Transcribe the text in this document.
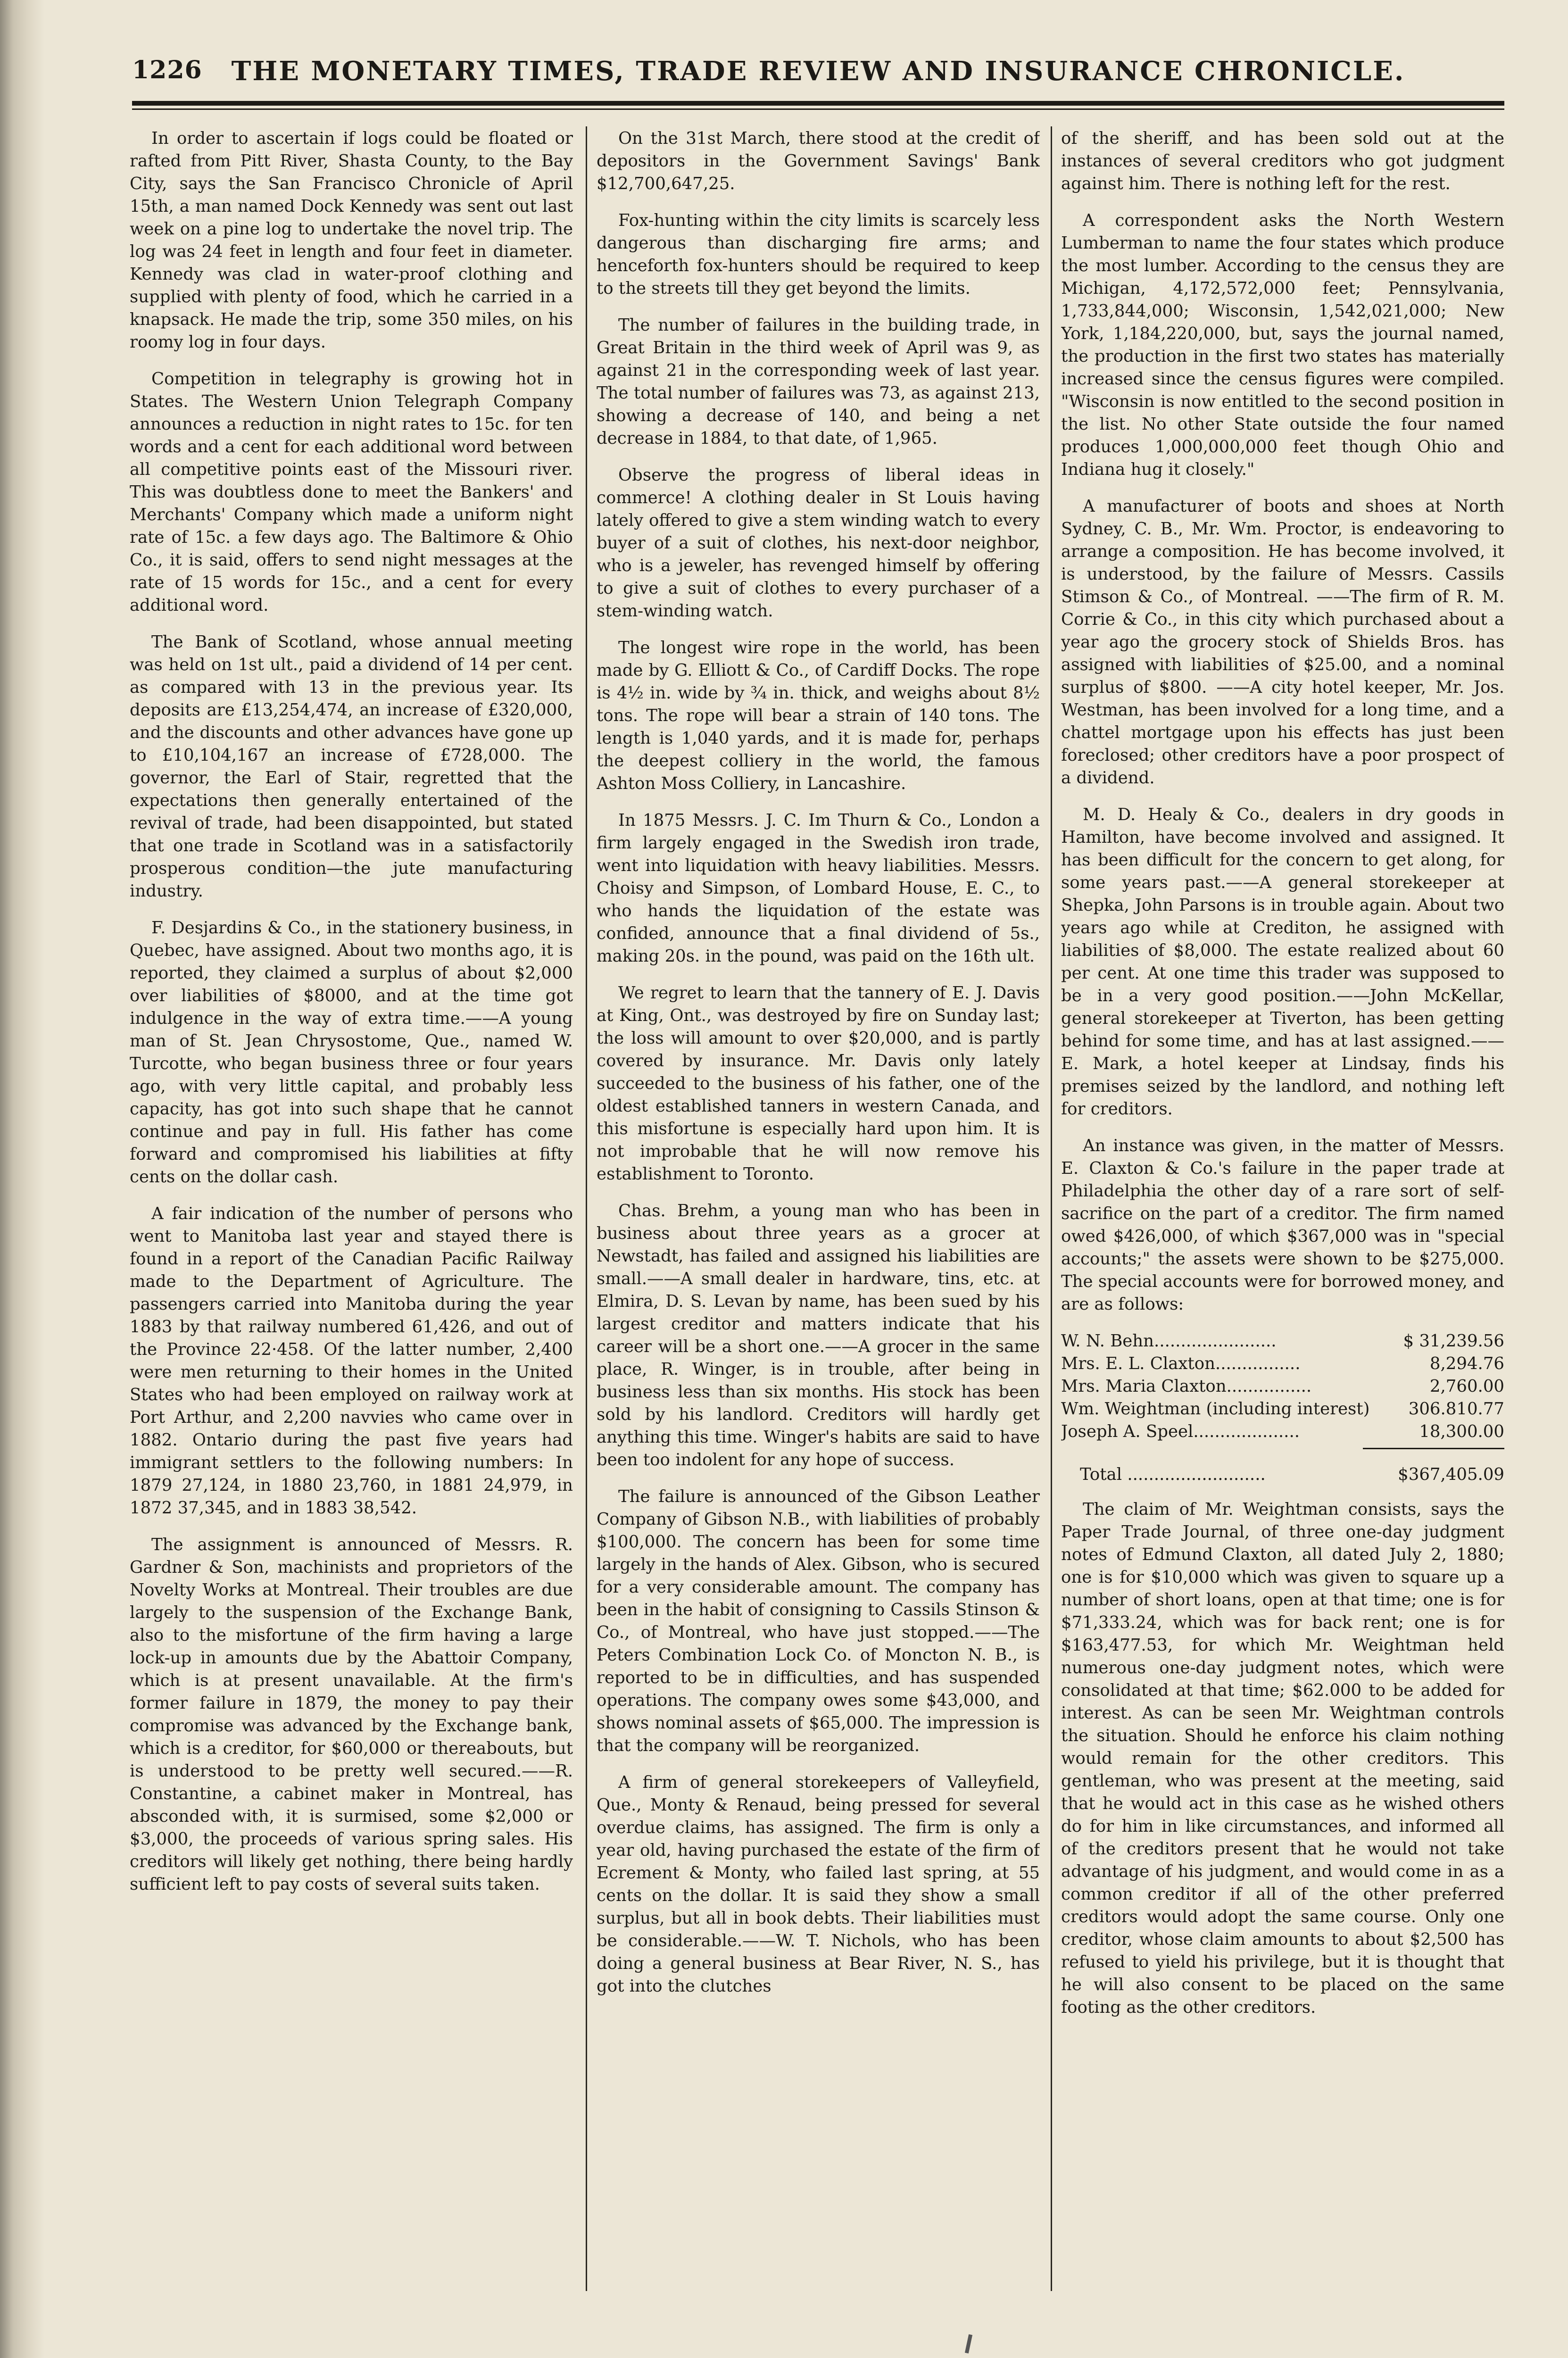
1226	THE MONETARY TIMES, TRADE REVIEW AND INSURANCE CHRONICLE.

In order to ascertain if logs could be floated or rafted from Pitt River, Shasta County, to the Bay City, says the San Francisco Chronicle of April 15th, a man named Dock Kennedy was sent out last week on a pine log to undertake the novel trip. The log was 24 feet in length and four feet in diameter. Kennedy was clad in water-proof clothing and supplied with plenty of food, which he carried in a knapsack. He made the trip, some 350 miles, on his roomy log in four days.

Competition in telegraphy is growing hot in States. The Western Union Telegraph Company announces a reduction in night rates to 15c. for ten words and a cent for each additional word between all competitive points east of the Missouri river. This was doubtless done to meet the Bankers' and Merchants' Company which made a uniform night rate of 15c. a few days ago. The Baltimore & Ohio Co., it is said, offers to send night messages at the rate of 15 words for 15c., and a cent for every additional word.

The Bank of Scotland, whose annual meeting was held on 1st ult., paid a dividend of 14 per cent. as compared with 13 in the previous year. Its deposits are £13,254,474, an increase of £320,000, and the discounts and other advances have gone up to £10,104,167 an increase of £728,000. The governor, the Earl of Stair, regretted that the expectations then generally entertained of the revival of trade, had been disappointed, but stated that one trade in Scotland was in a satisfactorily prosperous condition—the jute manufacturing industry.

F. Desjardins & Co., in the stationery business, in Quebec, have assigned. About two months ago, it is reported, they claimed a surplus of about $2,000 over liabilities of $8000, and at the time got indulgence in the way of extra time.——A young man of St. Jean Chrysostome, Que., named W. Turcotte, who began business three or four years ago, with very little capital, and probably less capacity, has got into such shape that he cannot continue and pay in full. His father has come forward and compromised his liabilities at fifty cents on the dollar cash.

A fair indication of the number of persons who went to Manitoba last year and stayed there is found in a report of the Canadian Pacific Railway made to the Department of Agriculture. The passengers carried into Manitoba during the year 1883 by that railway numbered 61,426, and out of the Province 22·458. Of the latter number, 2,400 were men returning to their homes in the United States who had been employed on railway work at Port Arthur, and 2,200 navvies who came over in 1882. Ontario during the past five years had immigrant settlers to the following numbers: In 1879 27,124, in 1880 23,760, in 1881 24,979, in 1872 37,345, and in 1883 38,542.

The assignment is announced of Messrs. R. Gardner & Son, machinists and proprietors of the Novelty Works at Montreal. Their troubles are due largely to the suspension of the Exchange Bank, also to the misfortune of the firm having a large lock-up in amounts due by the Abattoir Company, which is at present unavailable. At the firm's former failure in 1879, the money to pay their compromise was advanced by the Exchange bank, which is a creditor, for $60,000 or thereabouts, but is understood to be pretty well secured.——R. Constantine, a cabinet maker in Montreal, has absconded with, it is surmised, some $2,000 or $3,000, the proceeds of various spring sales. His creditors will likely get nothing, there being hardly sufficient left to pay costs of several suits taken.

On the 31st March, there stood at the credit of depositors in the Government Savings' Bank $12,700,647,25.

Fox-hunting within the city limits is scarcely less dangerous than discharging fire arms; and henceforth fox-hunters should be required to keep to the streets till they get beyond the limits.

The number of failures in the building trade, in Great Britain in the third week of April was 9, as against 21 in the corresponding week of last year. The total number of failures was 73, as against 213, showing a decrease of 140, and being a net decrease in 1884, to that date, of 1,965.

Observe the progress of liberal ideas in commerce! A clothing dealer in St Louis having lately offered to give a stem winding watch to every buyer of a suit of clothes, his next-door neighbor, who is a jeweler, has revenged himself by offering to give a suit of clothes to every purchaser of a stem-winding watch.

The longest wire rope in the world, has been made by G. Elliott & Co., of Cardiff Docks. The rope is 4½ in. wide by ¾ in. thick, and weighs about 8½ tons. The rope will bear a strain of 140 tons. The length is 1,040 yards, and it is made for, perhaps the deepest colliery in the world, the famous Ashton Moss Colliery, in Lancashire.

In 1875 Messrs. J. C. Im Thurn & Co., London a firm largely engaged in the Swedish iron trade, went into liquidation with heavy liabilities. Messrs. Choisy and Simpson, of Lombard House, E. C., to who hands the liquidation of the estate was confided, announce that a final dividend of 5s., making 20s. in the pound, was paid on the 16th ult.

We regret to learn that the tannery of E. J. Davis at King, Ont., was destroyed by fire on Sunday last; the loss will amount to over $20,000, and is partly covered by insurance. Mr. Davis only lately succeeded to the business of his father, one of the oldest established tanners in western Canada, and this misfortune is especially hard upon him. It is not improbable that he will now remove his establishment to Toronto.

Chas. Brehm, a young man who has been in business about three years as a grocer at Newstadt, has failed and assigned his liabilities are small.——A small dealer in hardware, tins, etc. at Elmira, D. S. Levan by name, has been sued by his largest creditor and matters indicate that his career will be a short one.——A grocer in the same place, R. Winger, is in trouble, after being in business less than six months. His stock has been sold by his landlord. Creditors will hardly get anything this time. Winger's habits are said to have been too indolent for any hope of success.

The failure is announced of the Gibson Leather Company of Gibson N.B., with liabilities of probably $100,000. The concern has been for some time largely in the hands of Alex. Gibson, who is secured for a very considerable amount. The company has been in the habit of consigning to Cassils Stinson & Co., of Montreal, who have just stopped.——The Peters Combination Lock Co. of Moncton N. B., is reported to be in difficulties, and has suspended operations. The company owes some $43,000, and shows nominal assets of $65,000. The impression is that the company will be reorganized.

A firm of general storekeepers of Valleyfield, Que., Monty & Renaud, being pressed for several overdue claims, has assigned. The firm is only a year old, having purchased the estate of the firm of Ecrement & Monty, who failed last spring, at 55 cents on the dollar. It is said they show a small surplus, but all in book debts. Their liabilities must be considerable.——W. T. Nichols, who has been doing a general business at Bear River, N. S., has got into the clutches

of the sheriff, and has been sold out at the instances of several creditors who got judgment against him. There is nothing left for the rest.

A correspondent asks the North Western Lumberman to name the four states which produce the most lumber. According to the census they are Michigan, 4,172,572,000 feet; Pennsylvania, 1,733,844,000; Wisconsin, 1,542,021,000; New York, 1,184,220,000, but, says the journal named, the production in the first two states has materially increased since the census figures were compiled. "Wisconsin is now entitled to the second position in the list. No other State outside the four named produces 1,000,000,000 feet though Ohio and Indiana hug it closely."

A manufacturer of boots and shoes at North Sydney, C. B., Mr. Wm. Proctor, is endeavoring to arrange a composition. He has become involved, it is understood, by the failure of Messrs. Cassils Stimson & Co., of Montreal. ——The firm of R. M. Corrie & Co., in this city which purchased about a year ago the grocery stock of Shields Bros. has assigned with liabilities of $25.00, and a nominal surplus of $800. ——A city hotel keeper, Mr. Jos. Westman, has been involved for a long time, and a chattel mortgage upon his effects has just been foreclosed; other creditors have a poor prospect of a dividend.

M. D. Healy & Co., dealers in dry goods in Hamilton, have become involved and assigned. It has been difficult for the concern to get along, for some years past.——A general storekeeper at Shepka, John Parsons is in trouble again. About two years ago while at Crediton, he assigned with liabilities of $8,000. The estate realized about 60 per cent. At one time this trader was supposed to be in a very good position.——John McKellar, general storekeeper at Tiverton, has been getting behind for some time, and has at last assigned.——E. Mark, a hotel keeper at Lindsay, finds his premises seized by the landlord, and nothing left for creditors.

An instance was given, in the matter of Messrs. E. Claxton & Co.'s failure in the paper trade at Philadelphia the other day of a rare sort of self-sacrifice on the part of a creditor. The firm named owed $426,000, of which $367,000 was in "special accounts;" the assets were shown to be $275,000. The special accounts were for borrowed money, and are as follows:

W. N. Behn.......................	$ 31,239.56
Mrs. E. L. Claxton................	8,294.76
Mrs. Maria Claxton................	2,760.00
Wm. Weightman (including interest) 306.810.77
Joseph A. Speel....................	18,300.00
Total ..........................	$367,405.09

The claim of Mr. Weightman consists, says the Paper Trade Journal, of three one-day judgment notes of Edmund Claxton, all dated July 2, 1880; one is for $10,000 which was given to square up a number of short loans, open at that time; one is for $71,333.24, which was for back rent; one is for $163,477.53, for which Mr. Weightman held numerous one-day judgment notes, which were consolidated at that time; $62.000 to be added for interest. As can be seen Mr. Weightman controls the situation. Should he enforce his claim nothing would remain for the other creditors. This gentleman, who was present at the meeting, said that he would act in this case as he wished others do for him in like circumstances, and informed all of the creditors present that he would not take advantage of his judgment, and would come in as a common creditor if all of the other preferred creditors would adopt the same course. Only one creditor, whose claim amounts to about $2,500 has refused to yield his privilege, but it is thought that he will also consent to be placed on the same footing as the other creditors.
